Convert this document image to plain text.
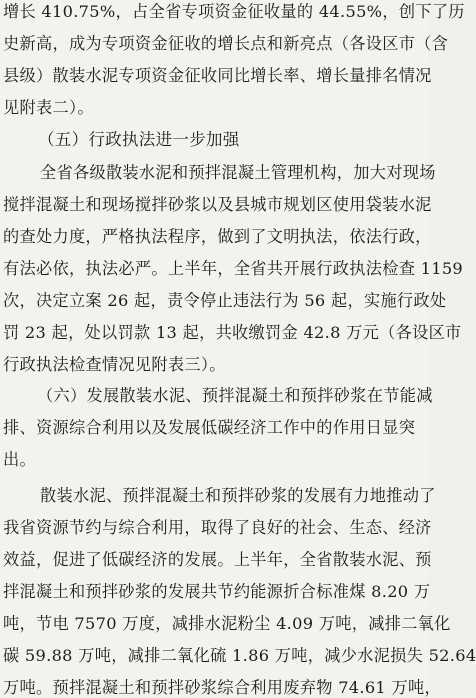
增长 410.75%，占全省专项资金征收量的 44.55%，创下了历
史新高，成为专项资金征收的增长点和新亮点（各设区市（含
县级）散装水泥专项资金征收同比增长率、增长量排名情况
见附表二）。
（五）行政执法进一步加强
全省各级散装水泥和预拌混凝土管理机构，加大对现场
搅拌混凝土和现场搅拌砂浆以及县城市规划区使用袋装水泥
的查处力度，严格执法程序，做到了文明执法，依法行政，
有法必依，执法必严。上半年，全省共开展行政执法检查 1159
次，决定立案 26 起，责令停止违法行为 56 起，实施行政处
罚 23 起，处以罚款 13 起，共收缴罚金 42.8 万元（各设区市
行政执法检查情况见附表三）。
（六）发展散装水泥、预拌混凝土和预拌砂浆在节能减
排、资源综合利用以及发展低碳经济工作中的作用日显突
出。
散装水泥、预拌混凝土和预拌砂浆的发展有力地推动了
我省资源节约与综合利用，取得了良好的社会、生态、经济
效益，促进了低碳经济的发展。上半年，全省散装水泥、预
拌混凝土和预拌砂浆的发展共节约能源折合标准煤 8.20 万
吨，节电 7570 万度，减排水泥粉尘 4.09 万吨，减排二氧化
碳 59.88 万吨，减排二氧化硫 1.86 万吨，减少水泥损失 52.64
万吨。预拌混凝土和预拌砂浆综合利用废弃物 74.61 万吨，
